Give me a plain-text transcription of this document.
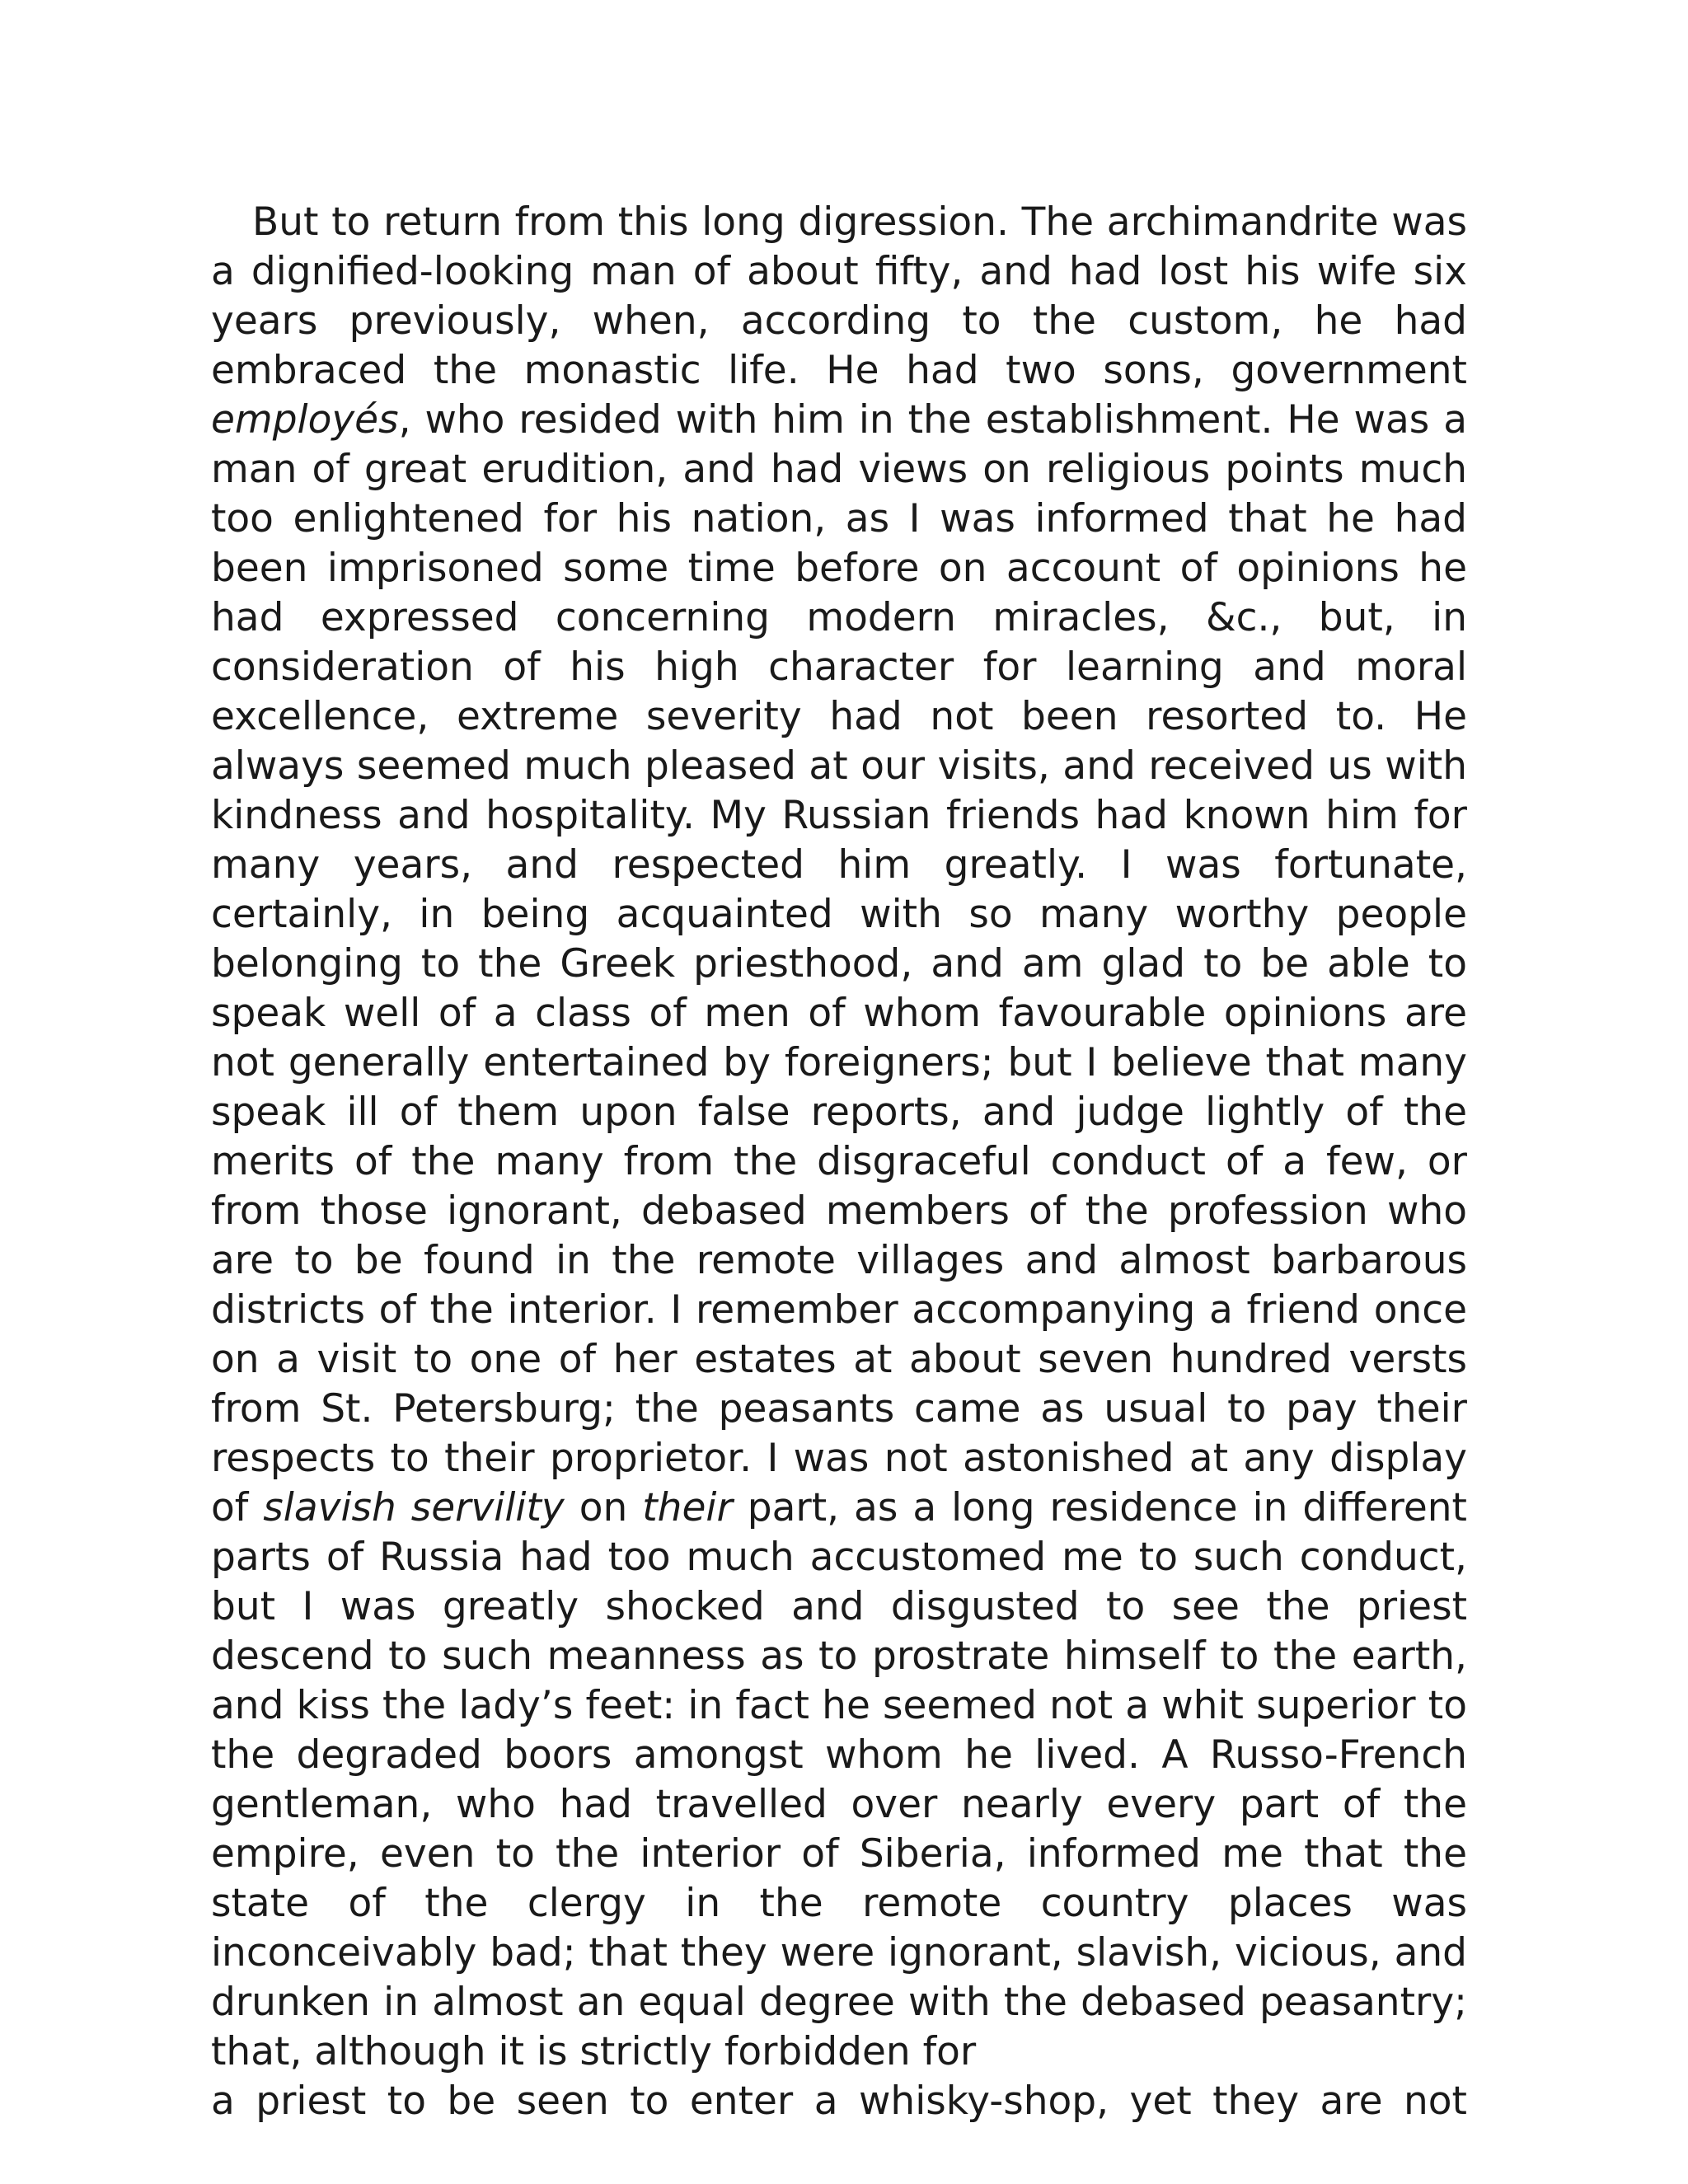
But to return from this long digression. The archimandrite was a dignified-looking man of about fifty, and had lost his wife six years previously, when, according to the custom, he had embraced the monastic life. He had two sons, government employés, who resided with him in the establishment. He was a man of great erudition, and had views on religious points much too enlightened for his nation, as I was informed that he had been imprisoned some time before on account of opinions he had expressed concerning modern miracles, &c., but, in consideration of his high character for learning and moral excellence, extreme severity had not been resorted to. He always seemed much pleased at our visits, and received us with kindness and hospitality. My Russian friends had known him for many years, and respected him greatly. I was fortunate, certainly, in being acquainted with so many worthy people belonging to the Greek priesthood, and am glad to be able to speak well of a class of men of whom favourable opinions are not generally entertained by foreigners; but I believe that many speak ill of them upon false reports, and judge lightly of the merits of the many from the disgraceful conduct of a few, or from those ignorant, debased members of the profession who are to be found in the remote villages and almost barbarous districts of the interior. I remember accompanying a friend once on a visit to one of her estates at about seven hundred versts from St. Petersburg; the peasants came as usual to pay their respects to their proprietor. I was not astonished at any display of slavish servility on their part, as a long residence in different parts of Russia had too much accustomed me to such conduct, but I was greatly shocked and disgusted to see the priest descend to such meanness as to prostrate himself to the earth, and kiss the lady’s feet: in fact he seemed not a whit superior to the degraded boors amongst whom he lived. A Russo-French gentleman, who had travelled over nearly every part of the empire, even to the interior of Siberia, informed me that the state of the clergy in the remote country places was inconceivably bad; that they were ignorant, slavish, vicious, and drunken in almost an equal degree with the debased peasantry; that, although it is strictly forbidden for

a priest to be seen to enter a whisky-shop, yet they are not
